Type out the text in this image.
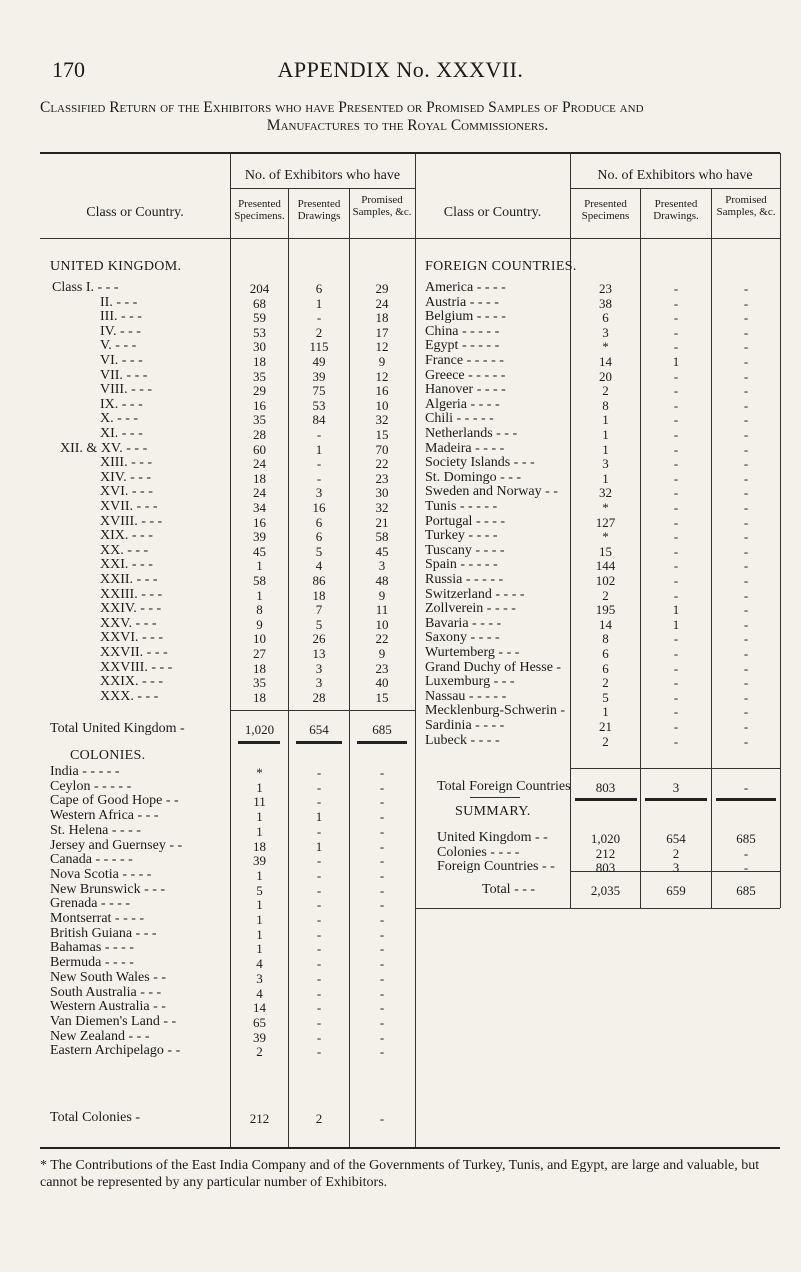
170	APPENDIX No. XXXVII.
Classified Return of the Exhibitors who have Presented or Promised Samples of Produce and
Manufactures to the Royal Commissioners.
No. of Exhibitors who have	No. of Exhibitors who have
Class or Country.	Class or Country.
Presented Specimens.
Presented Drawings
Promised Samples, &c.
Presented Specimens
Presented Drawings.
Promised Samples, &c.
UNITED KINGDOM.	FOREIGN COUNTRIES.
COLONIES.
SUMMARY.
Total United Kingdom -	1,020	654	685
Total Colonies -	212	2	-
Total Foreign Countries	803	3	-
Total - - -	2,035	659	685
Class I. - - -	204	6	29
II. - - -	68	1	24
III. - - -	59	-	18
IV. - - -	53	2	17
V. - - -	30	115	12
VI. - - -	18	49	9
VII. - - -	35	39	12
VIII. - - -	29	75	16
IX. - - -	16	53	10
X. - - -	35	84	32
XI. - - -	28	-	15
XII. & XV. - - -	60	1	70
XIII. - - -	24	-	22
XIV. - - -	18	-	23
XVI. - - -	24	3	30
XVII. - - -	34	16	32
XVIII. - - -	16	6	21
XIX. - - -	39	6	58
XX. - - -	45	5	45
XXI. - - -	1	4	3
XXII. - - -	58	86	48
XXIII. - - -	1	18	9
XXIV. - - -	8	7	11
XXV. - - -	9	5	10
XXVI. - - -	10	26	22
XXVII. - - -	27	13	9
XXVIII. - - -	18	3	23
XXIX. - - -	35	3	40
XXX. - - -	18	28	15
India - - - - -	*	-	-
Ceylon - - - - -	1	-	-
Cape of Good Hope - -	11	-	-
Western Africa - - -	1	1	-
St. Helena - - - -	1	-	-
Jersey and Guernsey - -	18	1	-
Canada - - - - -	39	-	-
Nova Scotia - - - -	1	-	-
New Brunswick - - -	5	-	-
Grenada - - - -	1	-	-
Montserrat - - - -	1	-	-
British Guiana - - -	1	-	-
Bahamas - - - -	1	-	-
Bermuda - - - -	4	-	-
New South Wales - -	3	-	-
South Australia - - -	4	-	-
Western Australia - -	14	-	-
Van Diemen's Land - -	65	-	-
New Zealand - - -	39	-	-
Eastern Archipelago - -	2	-	-
America - - - -	23	-	-
Austria - - - -	38	-	-
Belgium - - - -	6	-	-
China - - - - -	3	-	-
Egypt - - - - -	*	-	-
France - - - - -	14	1	-
Greece - - - - -	20	-	-
Hanover - - - -	2	-	-
Algeria - - - -	8	-	-
Chili - - - - -	1	-	-
Netherlands - - -	1	-	-
Madeira - - - -	1	-	-
Society Islands - - -	3	-	-
St. Domingo - - -	1	-	-
Sweden and Norway - -	32	-	-
Tunis - - - - -	*	-	-
Portugal - - - -	127	-	-
Turkey - - - -	*	-	-
Tuscany - - - -	15	-	-
Spain - - - - -	144	-	-
Russia - - - - -	102	-	-
Switzerland - - - -	2	-	-
Zollverein - - - -	195	1	-
Bavaria - - - -	14	1	-
Saxony - - - -	8	-	-
Wurtemberg - - -	6	-	-
Grand Duchy of Hesse -	6	-	-
Luxemburg - - -	2	-	-
Nassau - - - - -	5	-	-
Mecklenburg-Schwerin -	1	-	-
Sardinia - - - -	21	-	-
Lubeck - - - -	2	-	-
United Kingdom - -	1,020	654	685
Colonies - - - -	212	2	-
Foreign Countries - -	803	3	-
* The Contributions of the East India Company and of the Governments of Turkey, Tunis, and Egypt, are large and valuable, but cannot be represented by any particular number of Exhibitors.
